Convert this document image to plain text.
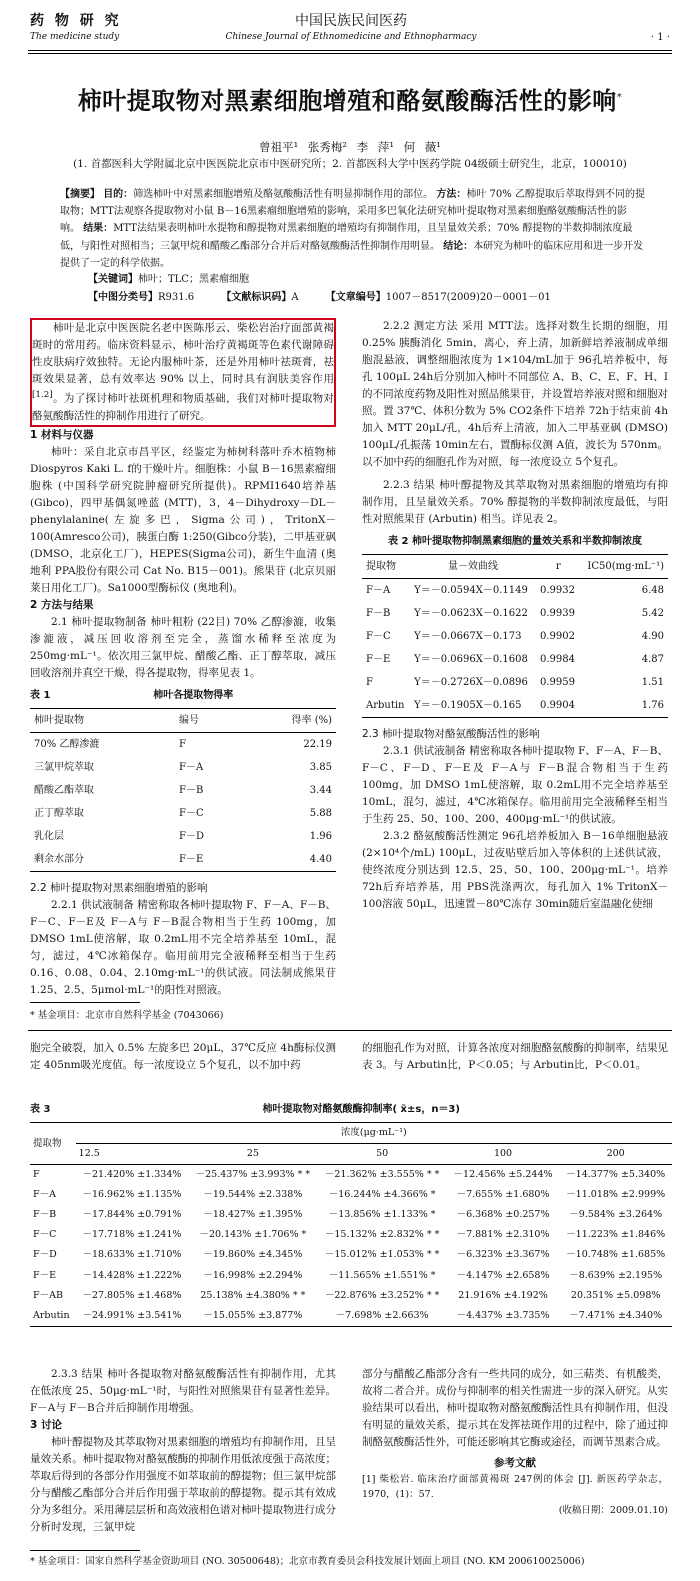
药 物 研 究
The medicine study
中国民族民间医药
Chinese Journal of Ethnomedicine and Ethnopharmacy	· 1 ·
柿叶提取物对黑素细胞增殖和酪氨酸酶活性的影响*
曾祖平¹ 张秀梅² 李 萍¹ 何 薇¹
(1. 首都医科大学附属北京中医医院北京市中医研究所；2. 首都医科大学中医药学院 04级硕士研究生，北京，100010)
【摘要】 目的：筛选柿叶中对黑素细胞增殖及酪氨酸酶活性有明显抑制作用的部位。 方法：柿叶 70% 乙醇提取后萃取得到不同的提取物；MTT法观察各提取物对小鼠 B－16黑素瘤细胞增殖的影响，采用多巴氧化法研究柿叶提取物对黑素细胞酪氨酸酶活性的影响。 结果：MTT法结果表明柿叶水提物和醇提物对黑素细胞的增殖均有抑制作用，且呈量效关系；70% 醇提物的半数抑制浓度最低，与阳性对照相当；三氯甲烷和醋酸乙酯部分合并后对酪氨酸酶活性抑制作用明显。 结论：本研究为柿叶的临床应用和进一步开发提供了一定的科学依据。
【关键词】柿叶；TLC；黑素瘤细胞
【中图分类号】R931.6	【文献标识码】A	【文章编号】1007－8517(2009)20－0001－01

柿叶是北京中医医院名老中医陈彤云、柴松岩治疗面部黄褐斑时的常用药。临床资料显示，柿叶治疗黄褐斑等色素代谢障碍性皮肤病疗效独特。无论内服柿叶茶，还是外用柿叶祛斑膏，祛斑效果显著，总有效率达 90% 以上，同时具有润肤美容作用[1.2]。为了探讨柿叶祛斑机理和物质基础，我们对柿叶提取物对酪氨酸酶活性的抑制作用进行了研究。

1 材料与仪器

柿叶：采自北京市昌平区，经鉴定为柿树科落叶乔木植物柿 Diospyros Kaki L. f的干燥叶片。细胞株：小鼠 B－16黑素瘤细胞株 (中国科学研究院肿瘤研究所提供)。RPMI1640培养基 (Gibco)，四甲基偶氮唑蓝 (MTT)，3，4－Dihydroxy－DL－phenylalanine(左旋多巴，Sigma公司)，TritonX－100(Amresco公司)，胰蛋白酶 1:250(Gibco分装)，二甲基亚砜 (DMSO，北京化工厂)，HEPES(Sigma公司)，新生牛血清 (奥地利 PPA股份有限公司 Cat No. B15－001)。熊果苷 (北京贝丽莱日用化工厂)。Sa1000型酶标仪 (奥地利)。

2 方法与结果

2.1 柿叶提取物制备 柿叶粗粉 (22目) 70% 乙醇渗漉，收集渗漉液，减压回收溶剂至完全，蒸馏水稀释至浓度为 250mg·mL⁻¹。依次用三氯甲烷、醋酸乙酯、正丁醇萃取，减压回收溶剂并真空干燥，得各提取物，得率见表 1。

表 1	柿叶各提取物得率
柿叶提取物	编号	得率 (%)
70% 乙醇渗漉	F	22.19
三氯甲烷萃取	F－A	3.85
醋酸乙酯萃取	F－B	3.44
正丁醇萃取	F－C	5.88
乳化层	F－D	1.96
剩余水部分	F－E	4.40
2.2 柿叶提取物对黑素细胞增殖的影响

2.2.1 供试液制备 精密称取各柿叶提取物 F、F－A、F－B、F－C、F－E及 F－A与 F－B混合物相当于生药 100mg，加 DMSO 1mL使溶解，取 0.2mL用不完全培养基至 10mL，混匀，滤过，4℃冰箱保存。临用前用完全液稀释至相当于生药 0.16、0.08、0.04、2.10mg·mL⁻¹的供试液。同法制成熊果苷 1.25、2.5、5μmol·mL⁻¹的阳性对照液。

2.2.2 测定方法 采用 MTT法。选择对数生长期的细胞，用 0.25% 胰酶消化 5min，离心，弃上清，加新鲜培养液制成单细胞混悬液，调整细胞浓度为 1×104/mL加于 96孔培养板中，每孔 100μL 24h后分别加入柿叶不同部位 A、B、C、E、F、H、I的不同浓度药物及阳性对照品熊果苷，并设置培养液对照和细胞对照。置 37℃、体积分数为 5% CO2条件下培养 72h于结束前 4h加入 MTT 20μL/孔，4h后弃上清液，加入二甲基亚砜 (DMSO) 100μL/孔振荡 10min左右，置酶标仪测 A值，波长为 570nm。以不加中药的细胞孔作为对照，每一浓度设立 5个复孔。

2.2.3 结果 柿叶醇提物及其萃取物对黑素细胞的增殖均有抑制作用，且呈量效关系。70% 醇提物的半数抑制浓度最低，与阳性对照熊果苷 (Arbutin) 相当。详见表 2。

表 2 柿叶提取物抑制黑素细胞的量效关系和半数抑制浓度
提取物	量－效曲线	r	IC50(mg·mL⁻¹)
F－A	Y＝－0.0594X－0.1149	0.9932	6.48
F－B	Y＝－0.0623X－0.1622	0.9939	5.42
F－C	Y＝－0.0667X－0.173	0.9902	4.90
F－E	Y＝－0.0696X－0.1608	0.9984	4.87
F	Y＝－0.2726X－0.0896	0.9959	1.51
Arbutin	Y＝－0.1905X－0.165	0.9904	1.76
2.3 柿叶提取物对酪氨酸酶活性的影响

2.3.1 供试液制备 精密称取各柿叶提取物 F、F－A、F－B、F－C、F－D、F－E及 F－A与 F－B混合物相当于生药 100mg，加 DMSO 1mL使溶解，取 0.2mL用不完全培养基至 10mL，混匀，滤过，4℃冰箱保存。临用前用完全液稀释至相当于生药 25、50、100、200、400μg·mL⁻¹的供试液。

2.3.2 酪氨酸酶活性测定 96孔培养板加入 B－16单细胞悬液 (2×10⁴个/mL) 100μL，过夜贴壁后加入等体积的上述供试液，使终浓度分别达到 12.5、25、50、100、200μg·mL⁻¹。培养 72h后弃培养基，用 PBS洗涤两次，每孔加入 1% TritonX－100溶液 50μL，迅速置－80℃冻存 30min随后室温融化使细

* 基金项目：北京市自然科学基金 (7043066)

胞完全破裂，加入 0.5% 左旋多巴 20μL，37℃反应 4h酶标仪测定 405nm吸光度值。每一浓度设立 5个复孔，以不加中药

的细胞孔作为对照，计算各浓度对细胞酪氨酸酶的抑制率，结果见表 3。与 Arbutin比，P＜0.05；与 Arbutin比，P＜0.01。

表 3	柿叶提取物对酪氨酸酶抑制率( x̄±s，n＝3)
提取物	浓度(μg·mL⁻¹)				
	12.5	25	50	100	200
F	－21.420% ±1.334%	－25.437% ±3.993% * *	－21.362% ±3.555% * *	－12.456% ±5.244%	－14.377% ±5.340%
F－A	－16.962% ±1.135%	－19.544% ±2.338%	－16.244% ±4.366% *	－7.655% ±1.680%	－11.018% ±2.999%
F－B	－17.844% ±0.791%	－18.427% ±1.395%	－13.856% ±1.133% *	－6.368% ±0.257%	－9.584% ±3.264%
F－C	－17.718% ±1.241%	－20.143% ±1.706% *	－15.132% ±2.832% * *	－7.881% ±2.310%	－11.223% ±1.846%
F－D	－18.633% ±1.710%	－19.860% ±4.345%	－15.012% ±1.053% * *	－6.323% ±3.367%	－10.748% ±1.685%
F－E	－14.428% ±1.222%	－16.998% ±2.294%	－11.565% ±1.551% *	－4.147% ±2.658%	－8.639% ±2.195%
F－AB	－27.805% ±1.468%	25.138% ±4.380% * *	－22.876% ±3.252% * *	21.916% ±4.192%	20.351% ±5.098%
Arbutin	－24.991% ±3.541%	－15.055% ±3.877%	－7.698% ±2.663%	－4.437% ±3.735%	－7.471% ±4.340%

2.3.3 结果 柿叶各提取物对酪氨酸酶活性有抑制作用，尤其在低浓度 25、50μg·mL⁻¹时，与阳性对照熊果苷有显著性差异。F－A与 F－B合并后抑制作用增强。

3 讨论

柿叶醇提物及其萃取物对黑素细胞的增殖均有抑制作用，且呈量效关系。柿叶提取物对酪氨酸酶的抑制作用低浓度强于高浓度；萃取后得到的各部分作用强度不如萃取前的醇提物；但三氯甲烷部分与醋酸乙酯部分合并后作用强于萃取前的醇提物。提示其有效成分为多组分。采用薄层层析和高效液相色谱对柿叶提取物进行成分分析时发现，三氯甲烷

部分与醋酸乙酯部分含有一些共同的成分，如三萜类、有机酸类，故将二者合并。成份与抑制率的相关性需进一步的深入研究。从实验结果可以看出，柿叶提取物对酪氨酸酶活性具有抑制作用，但没有明显的量效关系，提示其在发挥祛斑作用的过程中，除了通过抑制酪氨酸酶活性外，可能还影响其它酶或途径，而调节黑素合成。

参考文献

[1] 柴松岩. 临床治疗面部黄褐斑 247例的体会 [J]. 新医药学杂志，1970，(1)：57.

(收稿日期：2009.01.10)

* 基金项目：国家自然科学基金资助项目 (NO. 30500648)；北京市教育委员会科技发展计划面上项目 (NO. KM 200610025006)
